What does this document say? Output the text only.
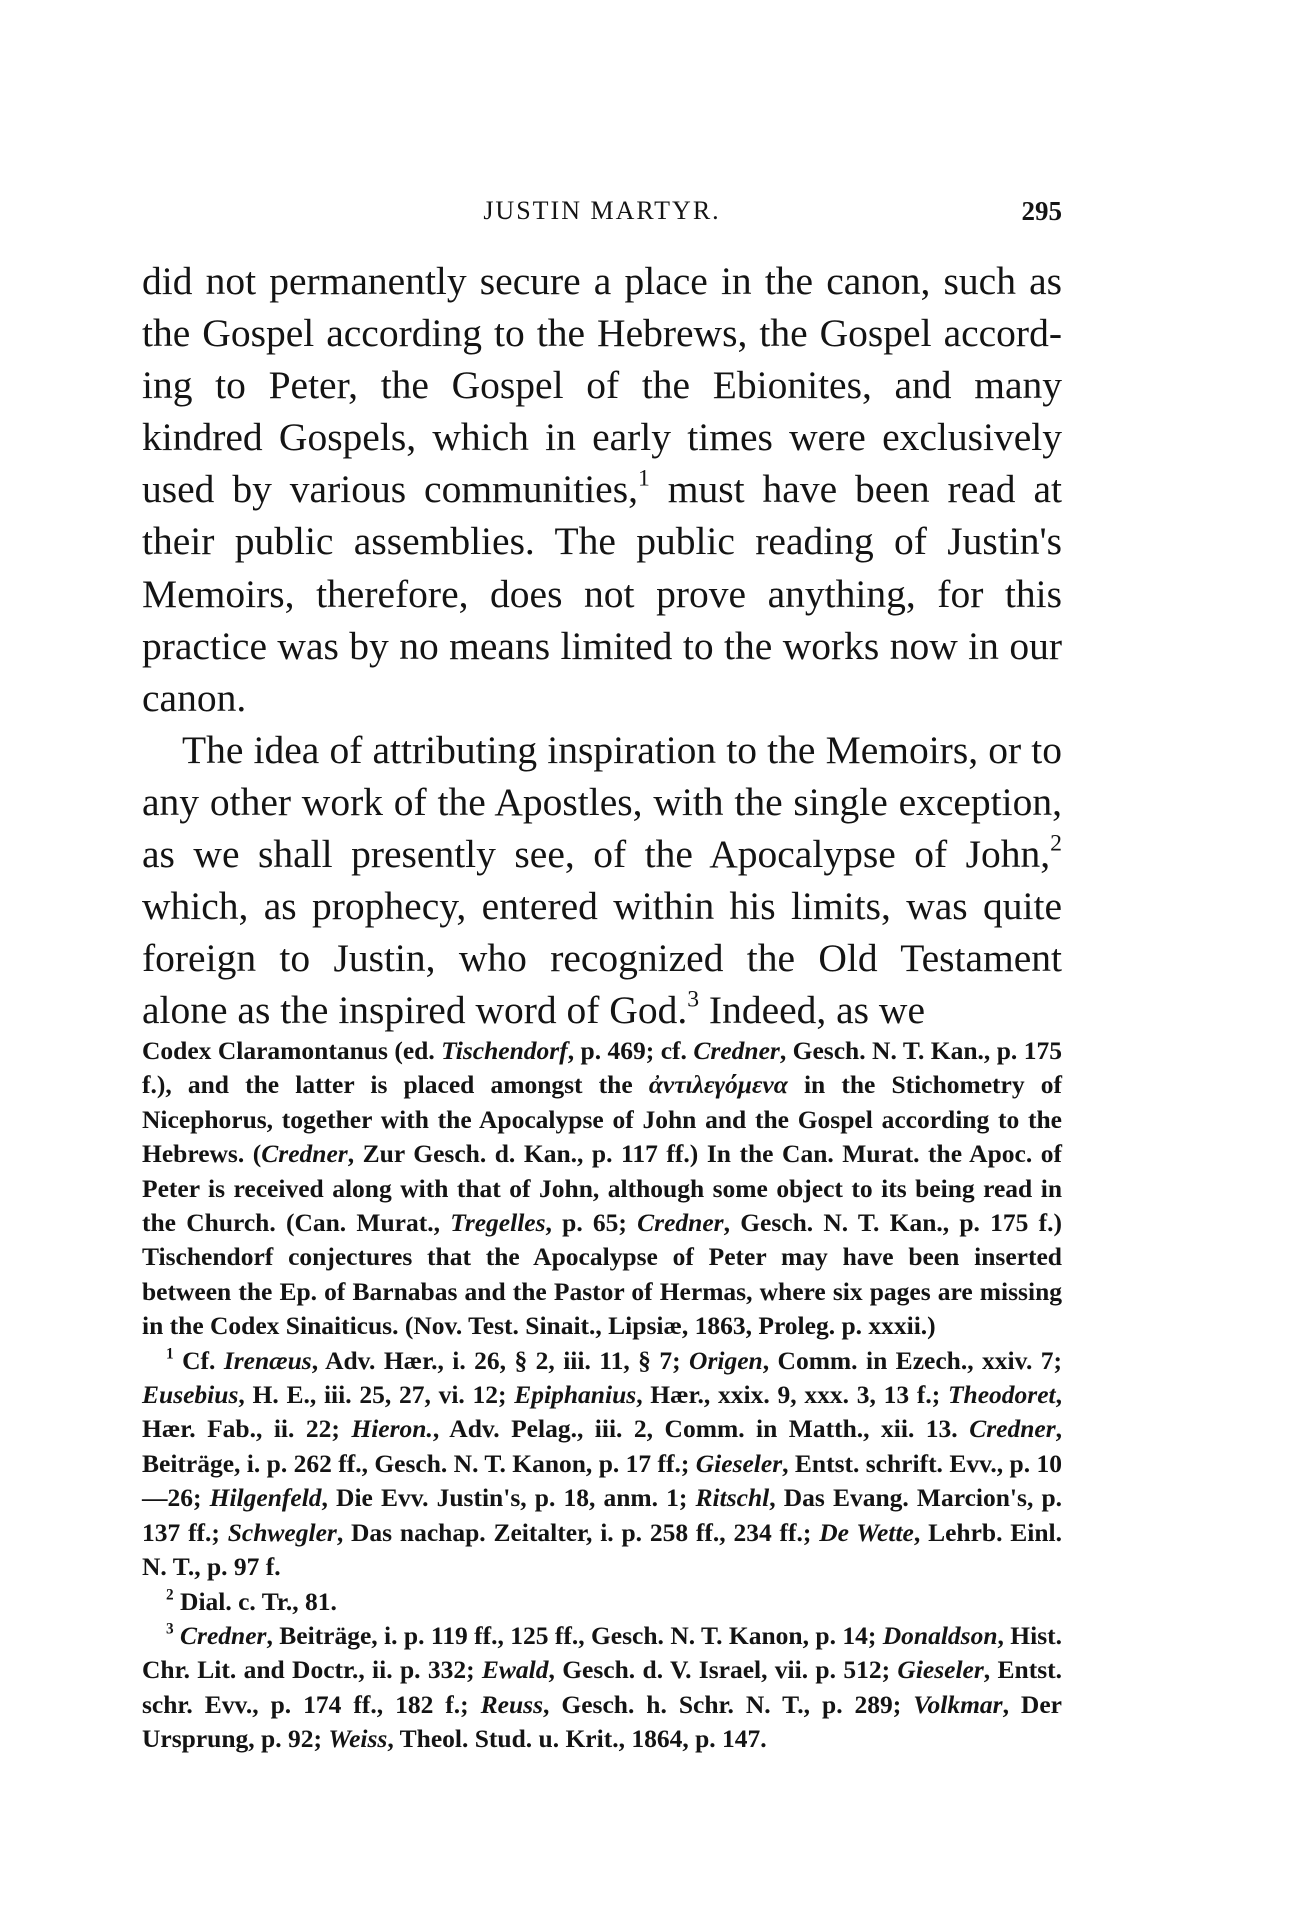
JUSTIN MARTYR.	295

did not permanently secure a place in the canon, such as the Gospel according to the Hebrews, the Gospel according to Peter, the Gospel of the Ebionites, and many kindred Gospels, which in early times were exclusively used by various communities,$^1$ must have been read at their public assemblies. The public reading of Justin's Memoirs, therefore, does not prove anything, for this practice was by no means limited to the works now in our canon.

The idea of attributing inspiration to the Memoirs, or to any other work of the Apostles, with the single exception, as we shall presently see, of the Apocalypse of John,$^2$ which, as prophecy, entered within his limits, was quite foreign to Justin, who recognized the Old Testament alone as the inspired word of God.$^3$ Indeed, as we

Codex Claramontanus (ed. Tischendorf, p. 469; cf. Credner, Gesch. N. T. Kan., p. 175 f.), and the latter is placed amongst the ἀντιλεγόμενα in the Stichometry of Nicephorus, together with the Apocalypse of John and the Gospel according to the Hebrews. (Credner, Zur Gesch. d. Kan., p. 117 ff.) In the Can. Murat. the Apoc. of Peter is received along with that of John, although some object to its being read in the Church. (Can. Murat., Tregelles, p. 65; Credner, Gesch. N. T. Kan., p. 175 f.) Tischendorf conjectures that the Apocalypse of Peter may have been inserted between the Ep. of Barnabas and the Pastor of Hermas, where six pages are missing in the Codex Sinaiticus. (Nov. Test. Sinait., Lipsiæ, 1863, Proleg. p. xxxii.)

$^1$ Cf. Irenæus, Adv. Hær., i. 26, § 2, iii. 11, § 7; Origen, Comm. in Ezech., xxiv. 7; Eusebius, H. E., iii. 25, 27, vi. 12; Epiphanius, Hær., xxix. 9, xxx. 3, 13 f.; Theodoret, Hær. Fab., ii. 22; Hieron., Adv. Pelag., iii. 2, Comm. in Matth., xii. 13. Credner, Beiträge, i. p. 262 ff., Gesch. N. T. Kanon, p. 17 ff.; Gieseler, Entst. schrift. Evv., p. 10—26; Hilgenfeld, Die Evv. Justin's, p. 18, anm. 1; Ritschl, Das Evang. Marcion's, p. 137 ff.; Schwegler, Das nachap. Zeitalter, i. p. 258 ff., 234 ff.; De Wette, Lehrb. Einl. N. T., p. 97 f.

$^2$ Dial. c. Tr., 81.

$^3$ Credner, Beiträge, i. p. 119 ff., 125 ff., Gesch. N. T. Kanon, p. 14; Donaldson, Hist. Chr. Lit. and Doctr., ii. p. 332; Ewald, Gesch. d. V. Israel, vii. p. 512; Gieseler, Entst. schr. Evv., p. 174 ff., 182 f.; Reuss, Gesch. h. Schr. N. T., p. 289; Volkmar, Der Ursprung, p. 92; Weiss, Theol. Stud. u. Krit., 1864, p. 147.
